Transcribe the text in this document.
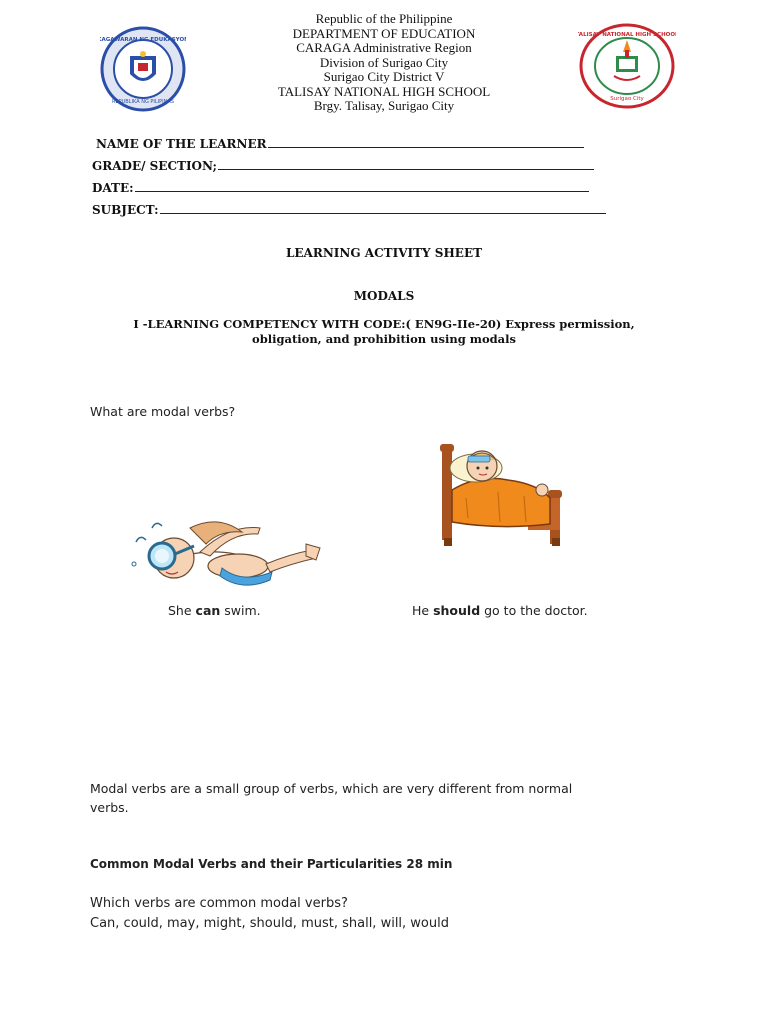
KAGAWARAN NG EDUKASYON
REPUBLIKA NG PILIPINAS
TALISAY NATIONAL HIGH SCHOOL
Surigao City
Republic of the Philippine
DEPARTMENT OF EDUCATION
CARAGA Administrative Region
Division of Surigao City
Surigao City District V
TALISAY NATIONAL HIGH SCHOOL
Brgy. Talisay, Surigao City
NAME OF THE LEARNER
GRADE/ SECTION;
DATE:
SUBJECT:
LEARNING ACTIVITY SHEET
MODALS
I -LEARNING COMPETENCY WITH CODE:( EN9G-IIe-20) Express permission,
obligation, and prohibition using modals
What are modal verbs?
She can swim.	He should go to the doctor.
Modal verbs are a small group of verbs, which are very different from normal
verbs.
Common Modal Verbs and their Particularities 28 min
Which verbs are common modal verbs?
Can, could, may, might, should, must, shall, will, would
